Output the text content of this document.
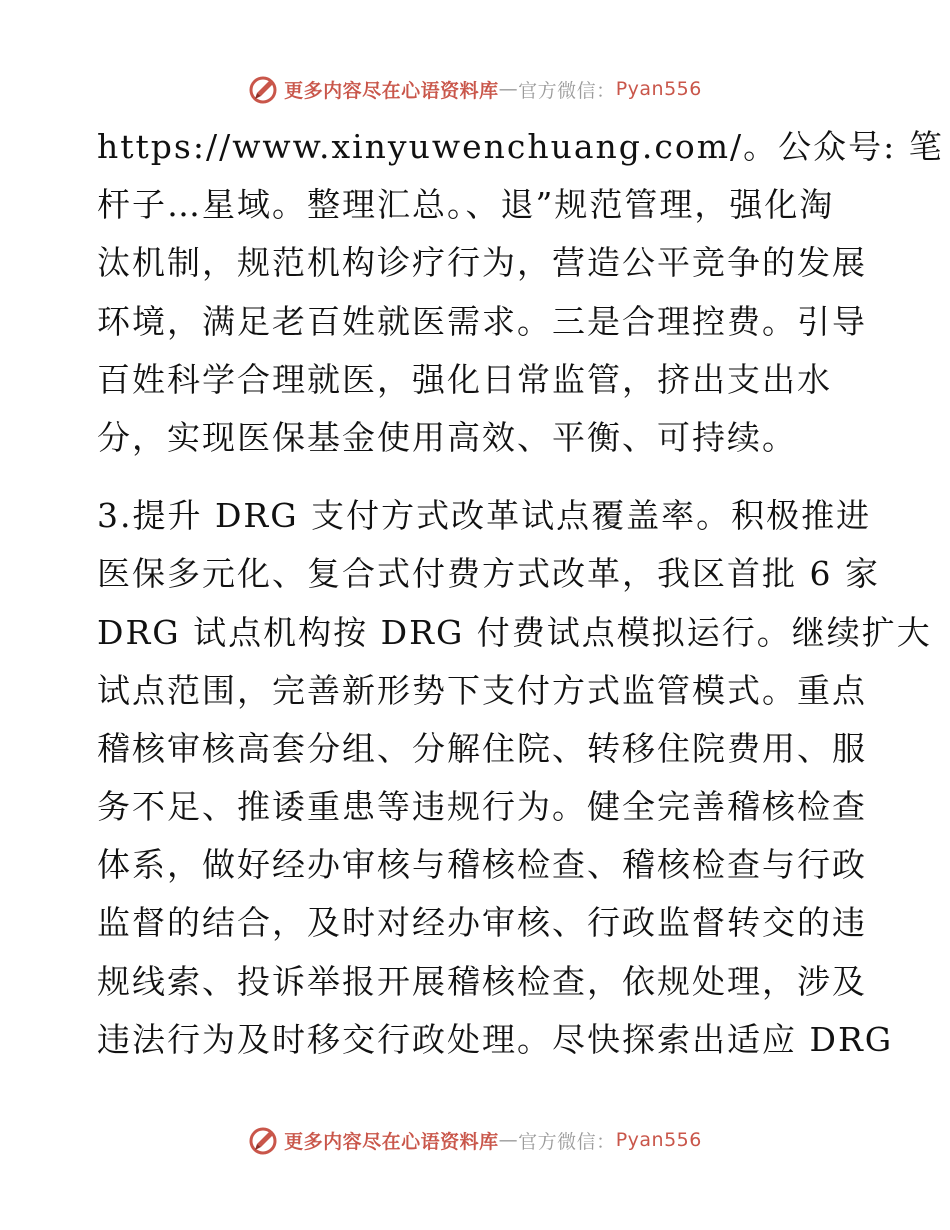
更多内容尽在心语资料库 — 官方微信： Pyan556
https://www.xinyuwenchuang.com/。公众号: 笔
杆子…星域。整理汇总。、退”规范管理，强化淘
汰机制，规范机构诊疗行为，营造公平竞争的发展
环境，满足老百姓就医需求。三是合理控费。引导
百姓科学合理就医，强化日常监管，挤出支出水
分，实现医保基金使用高效、平衡、可持续。
3.提升 DRG 支付方式改革试点覆盖率。积极推进
医保多元化、复合式付费方式改革，我区首批 6 家
DRG 试点机构按 DRG 付费试点模拟运行。继续扩大
试点范围，完善新形势下支付方式监管模式。重点
稽核审核高套分组、分解住院、转移住院费用、服
务不足、推诿重患等违规行为。健全完善稽核检查
体系，做好经办审核与稽核检查、稽核检查与行政
监督的结合，及时对经办审核、行政监督转交的违
规线索、投诉举报开展稽核检查，依规处理，涉及
违法行为及时移交行政处理。尽快探索出适应 DRG
更多内容尽在心语资料库 — 官方微信： Pyan556
